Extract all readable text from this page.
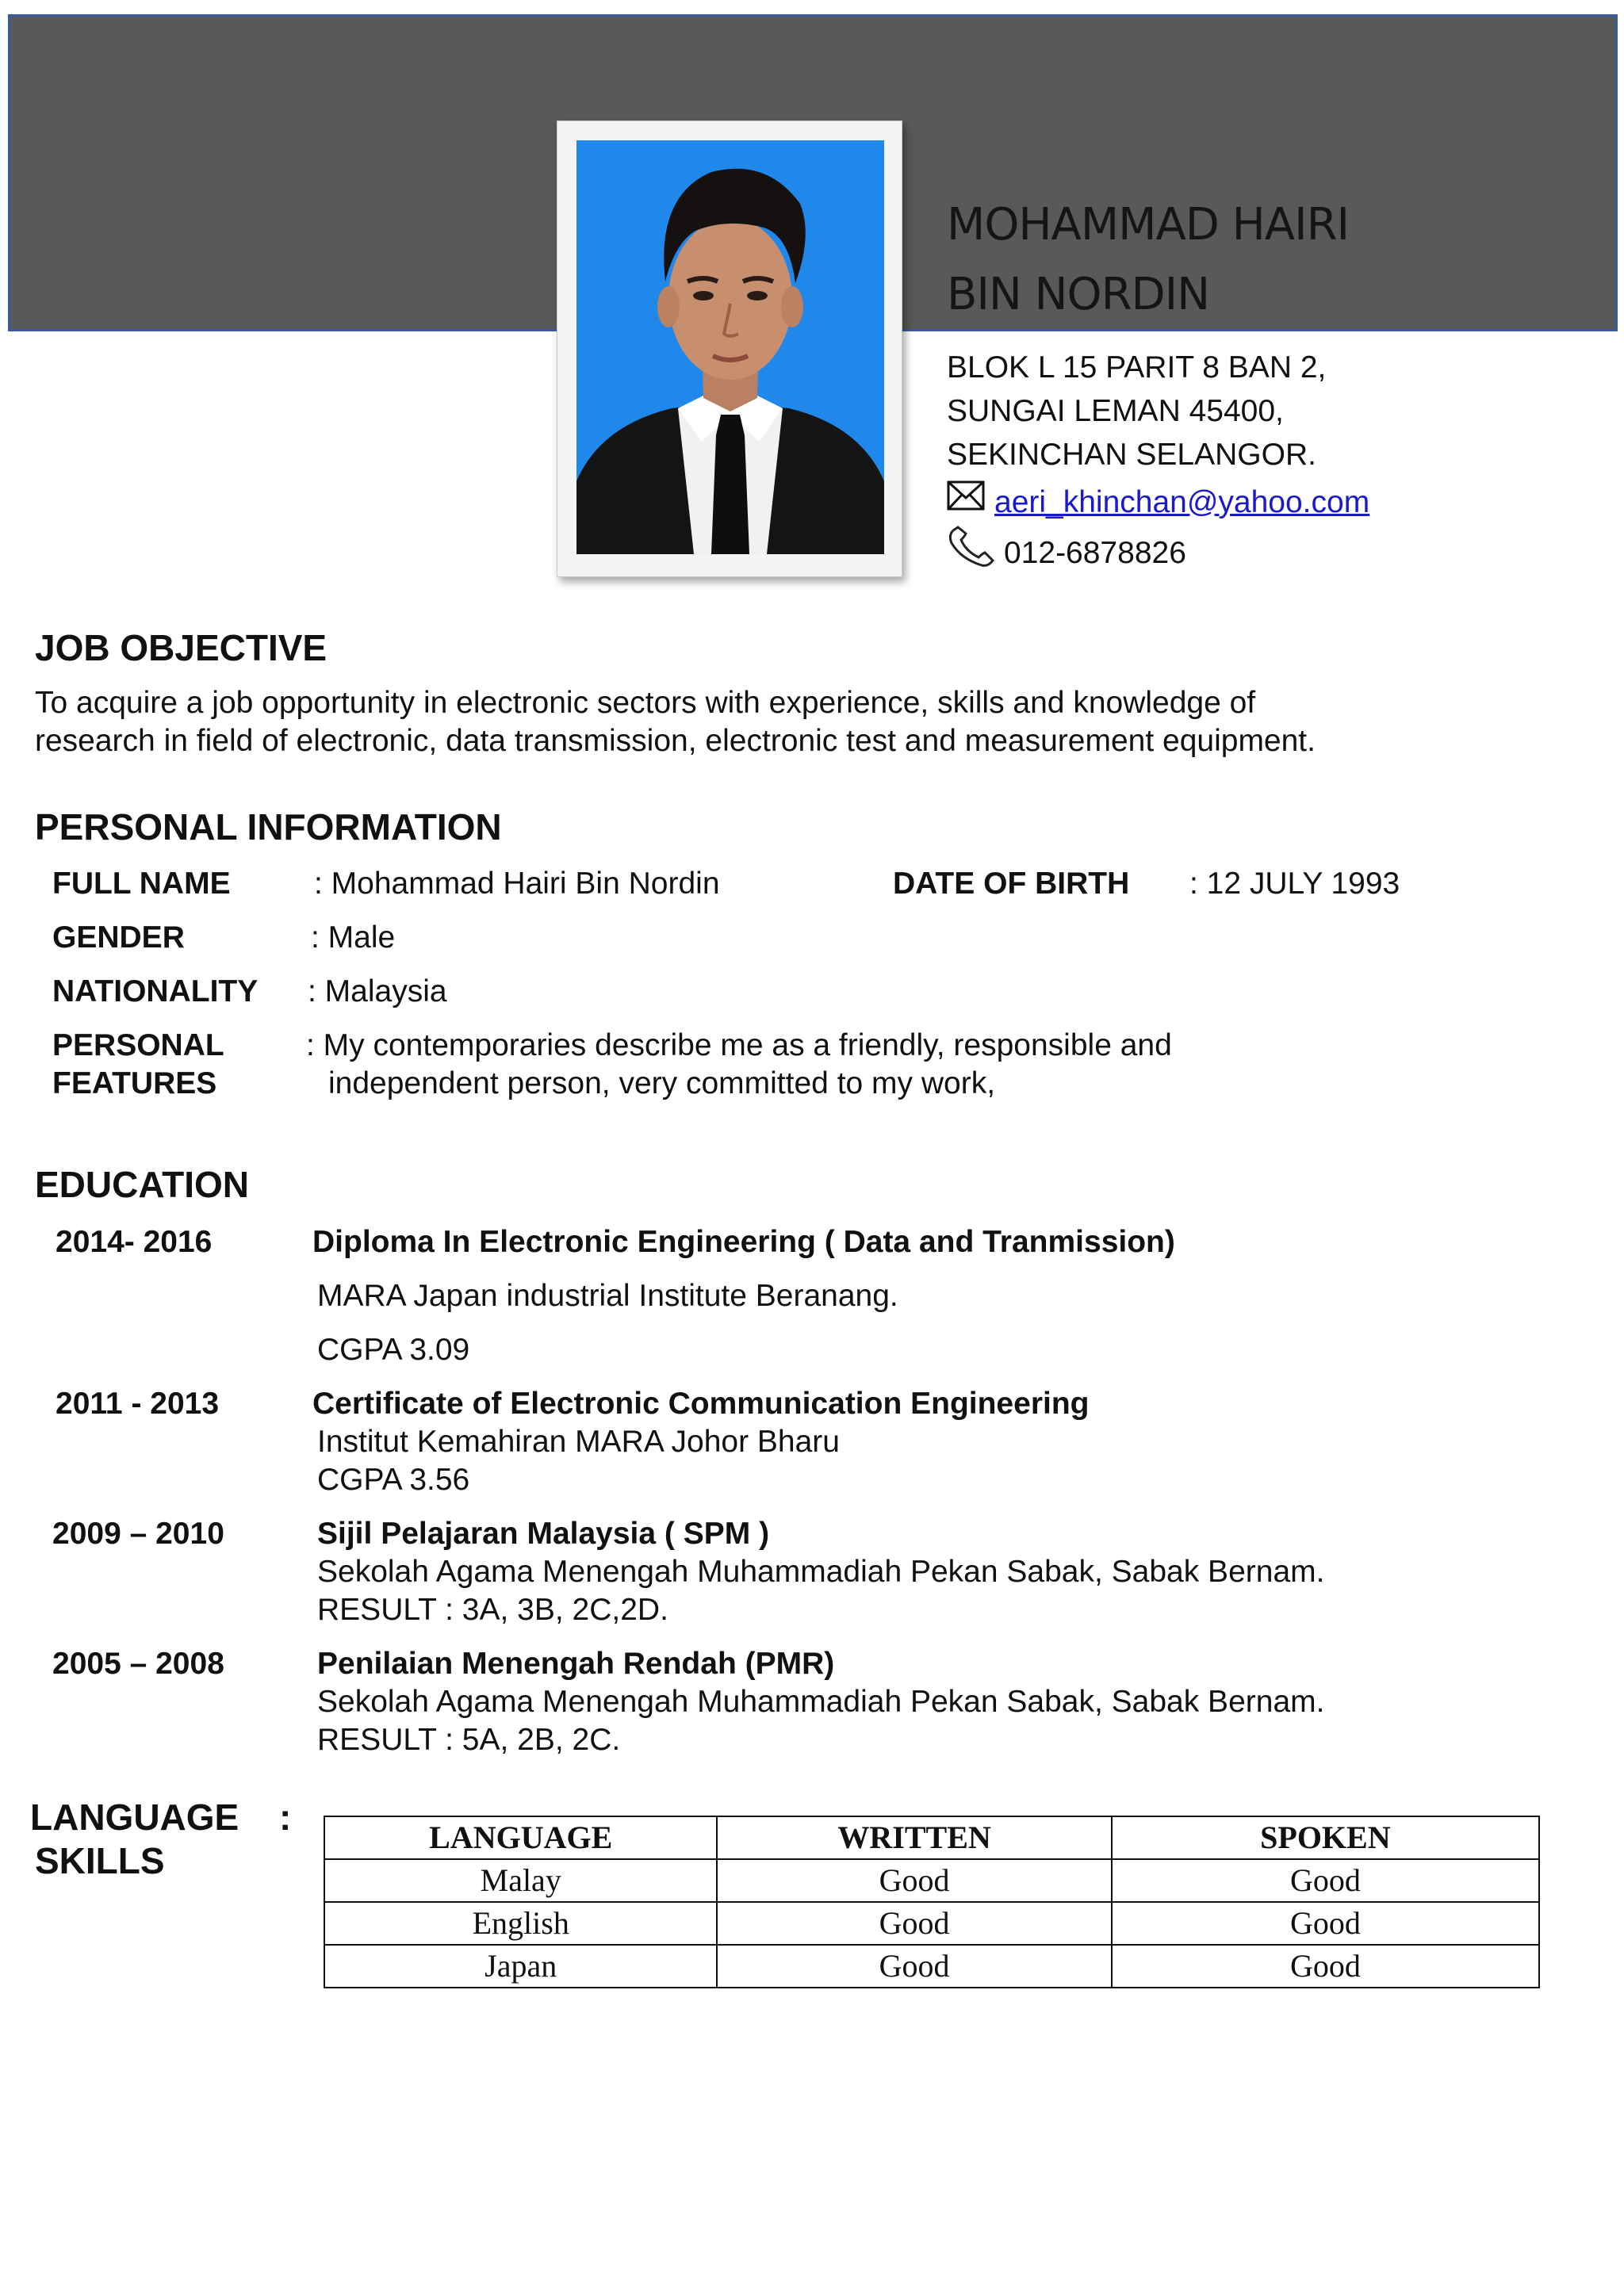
MOHAMMAD HAIRI
BIN NORDIN
BLOK L 15 PARIT 8 BAN 2,
SUNGAI LEMAN 45400,
SEKINCHAN SELANGOR.
aeri_khinchan@yahoo.com
012-6878826
JOB OBJECTIVE
To acquire a job opportunity in electronic sectors with experience, skills and knowledge of
research in field of electronic, data transmission, electronic test and measurement equipment.
PERSONAL INFORMATION
FULL NAME	: Mohammad Hairi Bin Nordin	DATE OF BIRTH : 12 JULY 1993
GENDER	: Male
NATIONALITY : Malaysia
PERSONAL
FEATURES
: My contemporaries describe me as a friendly, responsible and
independent person, very committed to my work,
EDUCATION
2014- 2016	Diploma In Electronic Engineering ( Data and Tranmission)
MARA Japan industrial Institute Beranang.
CGPA 3.09
2011 - 2013	Certificate of Electronic Communication Engineering
Institut Kemahiran MARA Johor Bharu
CGPA 3.56
2009 – 2010	Sijil Pelajaran Malaysia ( SPM )
Sekolah Agama Menengah Muhammadiah Pekan Sabak, Sabak Bernam.
RESULT : 3A, 3B, 2C,2D.
2005 – 2008	Penilaian Menengah Rendah (PMR)
Sekolah Agama Menengah Muhammadiah Pekan Sabak, Sabak Bernam.
RESULT : 5A, 2B, 2C.
LANGUAGE :
SKILLS
LANGUAGE	WRITTEN	SPOKEN
Malay	Good	Good
English	Good	Good
Japan	Good	Good
